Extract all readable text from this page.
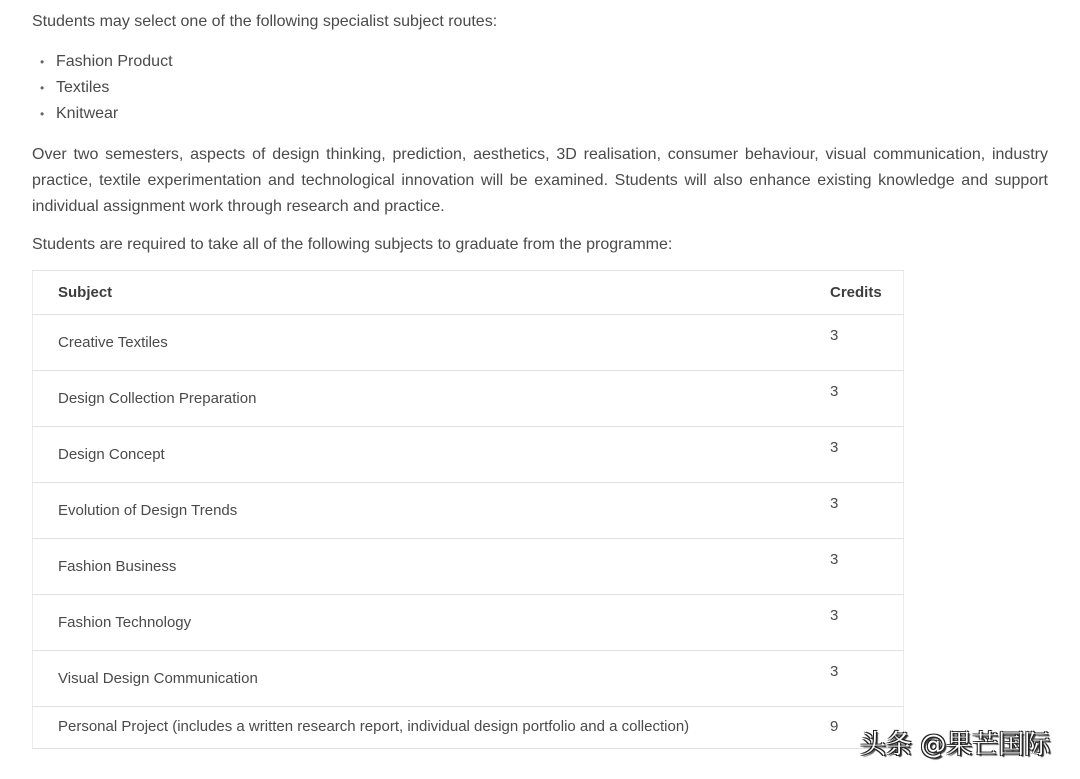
Students may select one of the following specialist subject routes:

• Fashion Product
• Textiles
• Knitwear

Over two semesters, aspects of design thinking, prediction, aesthetics, 3D realisation, consumer behaviour, visual communication, industry practice, textile experimentation and technological innovation will be examined. Students will also enhance existing knowledge and support individual assignment work through research and practice.

Students are required to take all of the following subjects to graduate from the programme:

Subject	Credits
Creative Textiles	3
Design Collection Preparation	3
Design Concept	3
Evolution of Design Trends	3
Fashion Business	3
Fashion Technology	3
Visual Design Communication	3
Personal Project (includes a written research report, individual design portfolio and a collection)	9
头条 @果芒国际
